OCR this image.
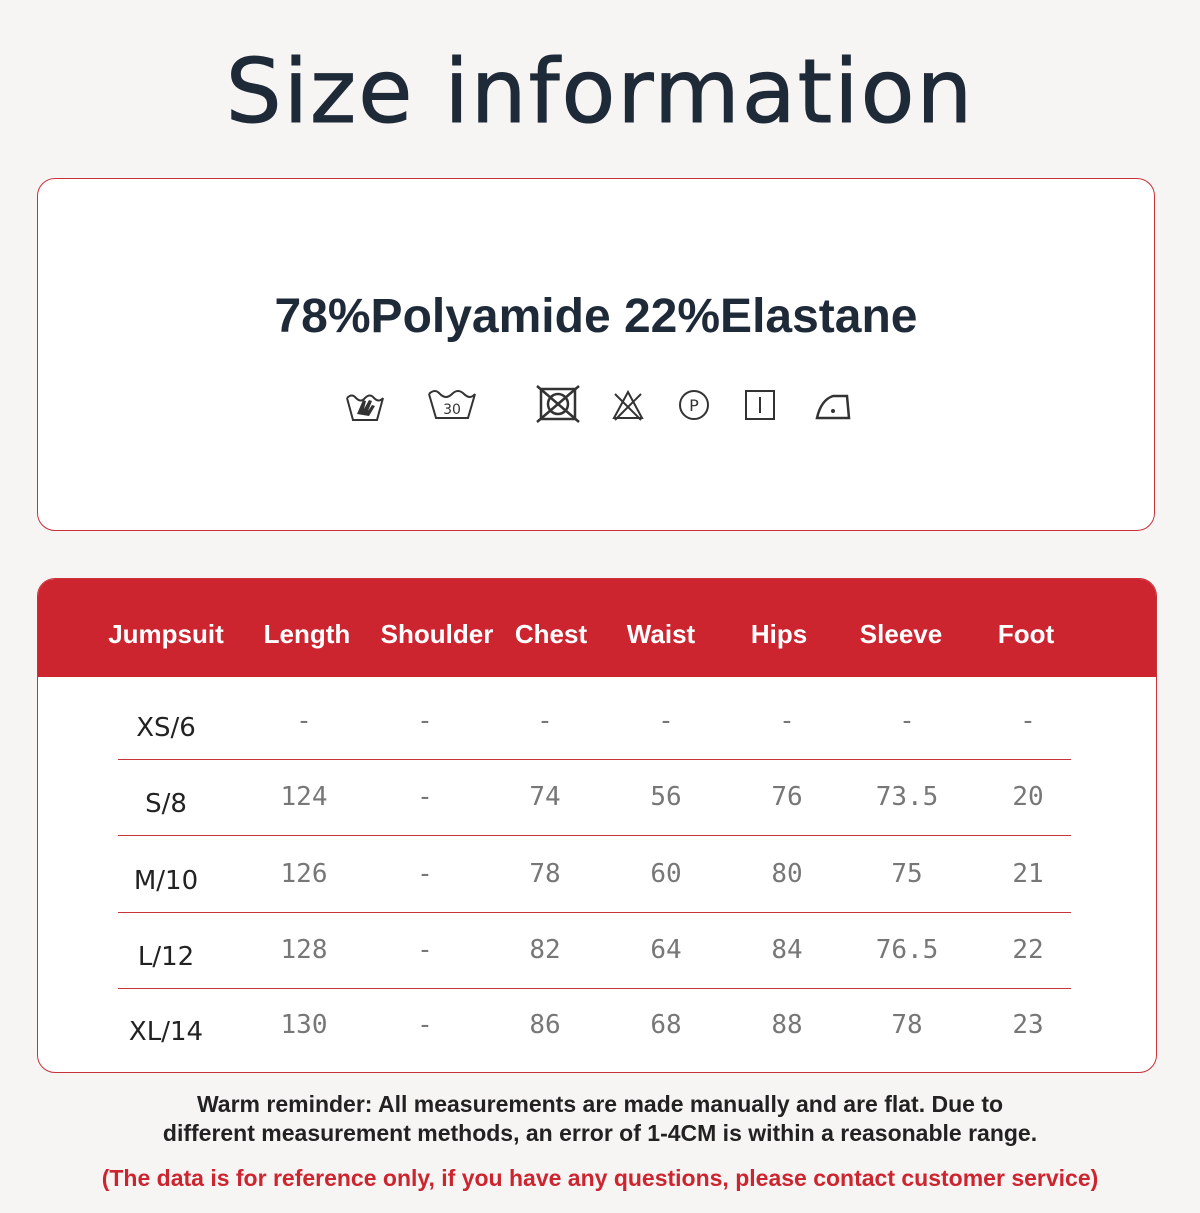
Size information
78%Polyamide 22%Elastane
30	P
Jumpsuit Length Shoulder Chest Waist Hips Sleeve Foot
XS/6	-	-	-	-	-	-	-
S/8	124	-	74	56	76	73.5	20
M/10	126	-	78	60	80	75	21
L/12	128	-	82	64	84	76.5	22
XL/14	130	-	86	68	88	78	23
Warm reminder: All measurements are made manually and are flat. Due to
different measurement methods, an error of 1-4CM is within a reasonable range.
(The data is for reference only, if you have any questions, please contact customer service)
